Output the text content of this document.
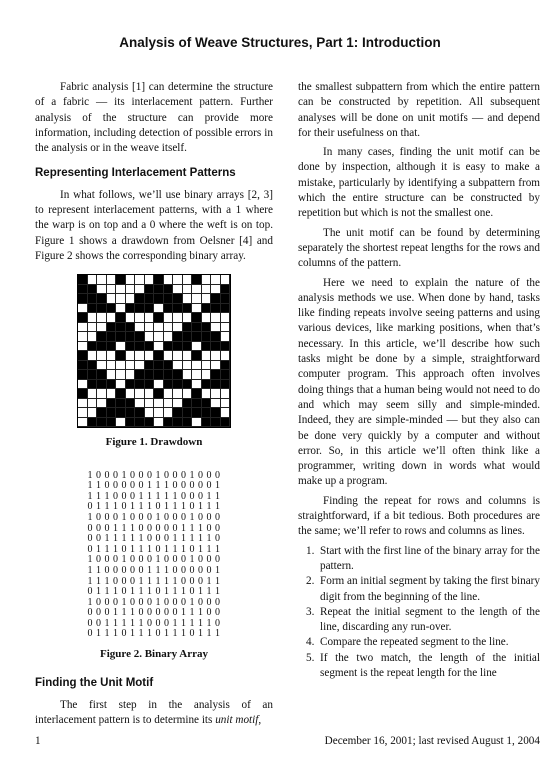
Analysis of Weave Structures, Part 1: Introduction

Fabric analysis [1] can determine the structure of a fabric — its interlacement pattern. Further analysis of the structure can provide more information, including detection of possible errors in the analysis or in the weave itself.

Representing Interlacement Patterns

In what follows, we’ll use binary arrays [2, 3] to represent interlacement patterns, with a 1 where the warp is on top and a 0 where the weft is on top. Figure 1 shows a drawdown from Oelsner [4] and Figure 2 shows the corresponding binary array.

Figure 1. Drawdown
1 0 0 0 1 0 0 0 1 0 0 0 1 0 0 0
1 1 0 0 0 0 0 1 1 1 0 0 0 0 0 1
1 1 1 0 0 0 1 1 1 1 1 0 0 0 1 1
0 1 1 1 0 1 1 1 0 1 1 1 0 1 1 1
1 0 0 0 1 0 0 0 1 0 0 0 1 0 0 0
0 0 0 1 1 1 0 0 0 0 0 1 1 1 0 0
0 0 1 1 1 1 1 0 0 0 1 1 1 1 1 0
0 1 1 1 0 1 1 1 0 1 1 1 0 1 1 1
1 0 0 0 1 0 0 0 1 0 0 0 1 0 0 0
1 1 0 0 0 0 0 1 1 1 0 0 0 0 0 1
1 1 1 0 0 0 1 1 1 1 1 0 0 0 1 1
0 1 1 1 0 1 1 1 0 1 1 1 0 1 1 1
1 0 0 0 1 0 0 0 1 0 0 0 1 0 0 0
0 0 0 1 1 1 0 0 0 0 0 1 1 1 0 0
0 0 1 1 1 1 1 0 0 0 1 1 1 1 1 0
0 1 1 1 0 1 1 1 0 1 1 1 0 1 1 1
Figure 2. Binary Array
Finding the Unit Motif

The first step in the analysis of an interlacement pattern is to determine its unit motif,

the smallest subpattern from which the entire pattern can be constructed by repetition. All subsequent analyses will be done on unit motifs — and depend for their usefulness on that.

In many cases, finding the unit motif can be done by inspection, although it is easy to make a mistake, particularly by identifying a subpattern from which the entire structure can be constructed by repetition but which is not the smallest one.

The unit motif can be found by determining separately the shortest repeat lengths for the rows and columns of the pattern.

Here we need to explain the nature of the analysis methods we use. When done by hand, tasks like finding repeats involve seeing patterns and using various devices, like marking positions, when that’s necessary. In this article, we’ll describe how such tasks might be done by a simple, straightforward computer program. This approach often involves doing things that a human being would not need to do and which may seem silly and simple-minded. Indeed, they are simple-minded — but they also can be done very quickly by a computer and without error. So, in this article we’ll often think like a programmer, writing down in words what would make up a program.

Finding the repeat for rows and columns is straightforward, if a bit tedious. Both procedures are the same; we’ll refer to rows and columns as lines.

1. Start with the first line of the binary array for the pattern.
2. Form an initial segment by taking the first binary digit from the beginning of the line.
3. Repeat the initial segment to the length of the line, discarding any run-over.
4. Compare the repeated segment to the line.
5. If the two match, the length of the initial segment is the repeat length for the line
1	December 16, 2001; last revised August 1, 2004
